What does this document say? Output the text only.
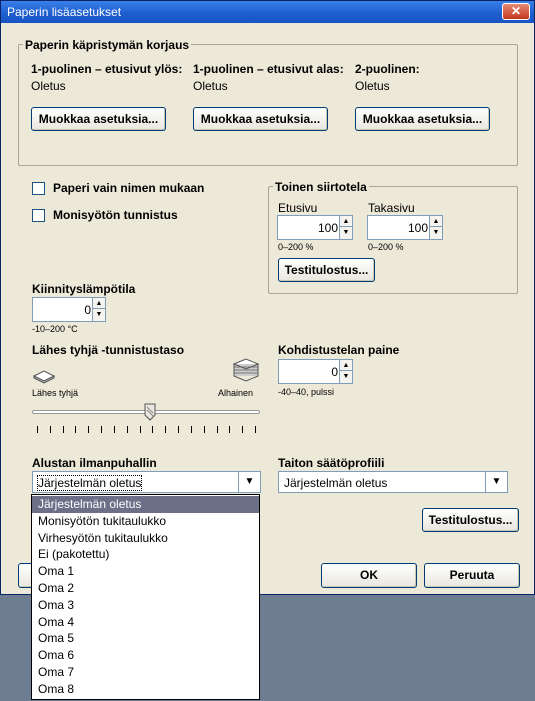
Paperin lisäasetukset	✕
Paperin käpristymän korjaus
1-puolinen – etusivut ylös:
Oletus
Muokkaa asetuksia...
1-puolinen – etusivut alas:
Oletus
Muokkaa asetuksia...
2-puolinen:
Oletus
Muokkaa asetuksia...
Paperi vain nimen mukaan
Monisyötön tunnistus
Toinen siirtotela
Etusivu
100 ▲
▼
0–200 %
Takasivu
100 ▲
▼
0–200 %
Testitulostus...
Kiinnityslämpötila
0 ▲
▼
-10–200 °C
Lähes tyhjä -tunnistustaso
Lähes tyhjä	Alhainen
Kohdistustelan paine
0 ▲
▼
-40–40, pulssi
Alustan ilmanpuhallin
Järjestelmän oletus	▼
Taiton säätöprofiili
Järjestelmän oletus	▼
Testitulostus...
OK	Peruuta
Järjestelmän oletus
Monisyötön tukitaulukko
Virhesyötön tukitaulukko
Ei (pakotettu)
Oma 1
Oma 2
Oma 3
Oma 4
Oma 5
Oma 6
Oma 7
Oma 8
